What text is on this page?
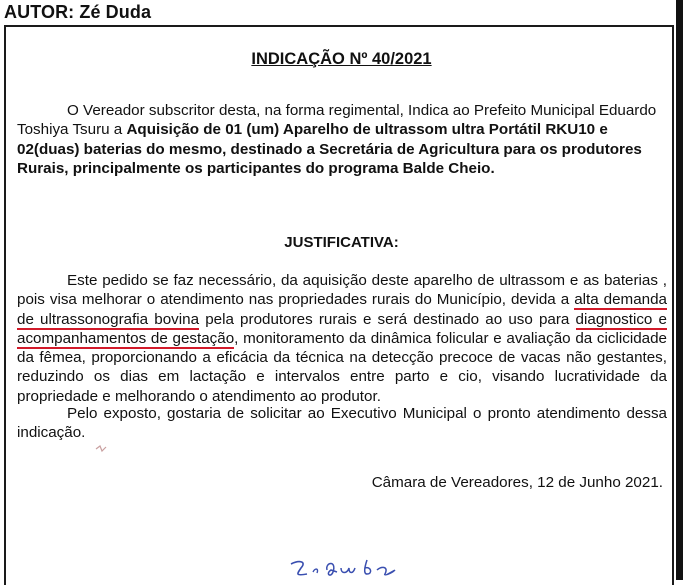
AUTOR: Zé Duda
INDICAÇÃO Nº 40/2021

O Vereador subscritor desta, na forma regimental, Indica ao Prefeito Municipal Eduardo Toshiya Tsuru a Aquisição de 01 (um) Aparelho de ultrassom ultra Portátil RKU10 e 02(duas) baterias do mesmo, destinado a Secretária de Agricultura para os produtores Rurais, principalmente os participantes do programa Balde Cheio.

JUSTIFICATIVA:

Este pedido se faz necessário, da aquisição deste aparelho de ultrassom e as baterias , pois visa melhorar o atendimento nas propriedades rurais do Município, devida a alta demanda de ultrassonografia bovina pela produtores rurais e será destinado ao uso para diagnostico e acompanhamentos de gestação, monitoramento da dinâmica folicular e avaliação da ciclicidade da fêmea, proporcionando a eficácia da técnica na detecção precoce de vacas não gestantes, reduzindo os dias em lactação e intervalos entre parto e cio, visando lucratividade da propriedade e melhorando o atendimento ao produtor.

Pelo exposto, gostaria de solicitar ao Executivo Municipal o pronto atendimento dessa indicação.

Câmara de Vereadores, 12 de Junho 2021.
